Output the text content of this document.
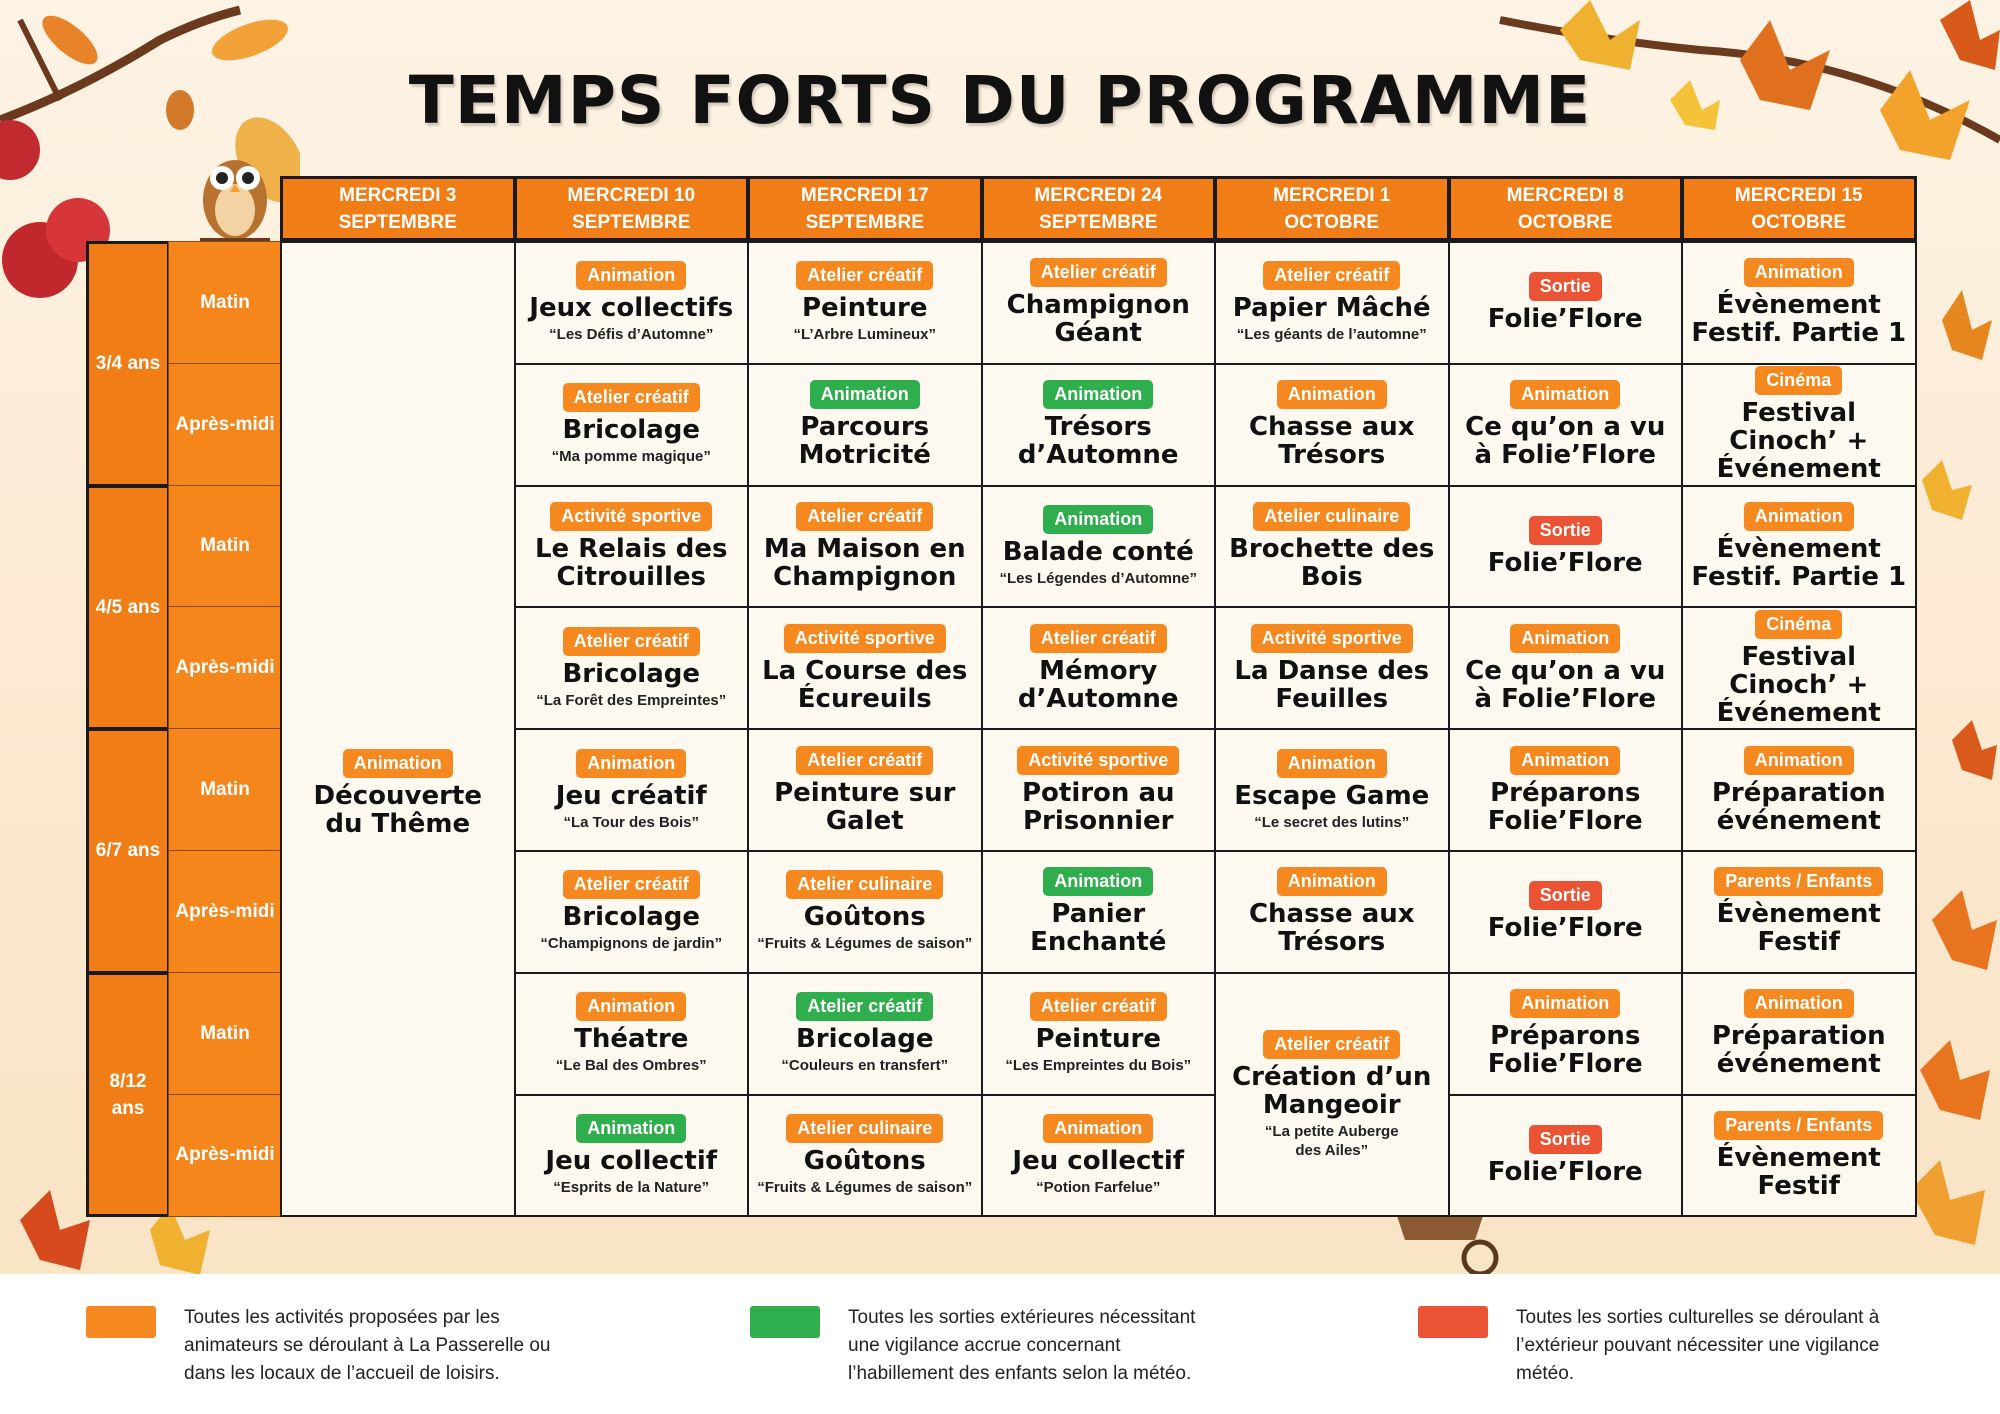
TEMPS FORTS DU PROGRAMME
MERCREDI 3
SEPTEMBRE
MERCREDI 10
SEPTEMBRE
MERCREDI 17
SEPTEMBRE
MERCREDI 24
SEPTEMBRE
MERCREDI 1
OCTOBRE
MERCREDI 8
OCTOBRE
MERCREDI 15
OCTOBRE
3/4 ans
Matin
Après-midi
4/5 ans
Matin
Après-midi
6/7 ans
Matin
Après-midi
8/12 ans
Matin
Après-midi
Animation
Découverte du Thême
Animation
Jeux collectifs
“Les Défis d’Automne”
Atelier créatif
Peinture
“L’Arbre Lumineux”
Atelier créatif
Champignon Géant
Atelier créatif
Papier Mâché
“Les géants de l’automne”
Sortie
Folie’Flore
Animation
Évènement Festif. Partie 1
Atelier créatif
Bricolage
“Ma pomme magique”
Animation
Parcours Motricité
Animation
Trésors d’Automne
Animation
Chasse aux Trésors
Animation
Ce qu’on a vu à Folie’Flore
Cinéma
Festival Cinoch’ + Événement
Activité sportive
Le Relais des Citrouilles
Atelier créatif
Ma Maison en Champignon
Animation
Balade conté
“Les Légendes d’Automne”
Atelier culinaire
Brochette des Bois
Sortie
Folie’Flore
Animation
Évènement Festif. Partie 1
Atelier créatif
Bricolage
“La Forêt des Empreintes”
Activité sportive
La Course des Écureuils
Atelier créatif
Mémory d’Automne
Activité sportive
La Danse des Feuilles
Animation
Ce qu’on a vu à Folie’Flore
Cinéma
Festival Cinoch’ + Événement
Animation
Jeu créatif
“La Tour des Bois”
Atelier créatif
Peinture sur Galet
Activité sportive
Potiron au Prisonnier
Animation
Escape Game
“Le secret des lutins”
Animation
Préparons Folie’Flore
Animation
Préparation événement
Atelier créatif
Bricolage
“Champignons de jardin”
Atelier culinaire
Goûtons
“Fruits & Légumes de saison”
Animation
Panier Enchanté
Animation
Chasse aux Trésors
Sortie
Folie’Flore
Parents / Enfants
Évènement Festif
Animation
Théatre
“Le Bal des Ombres”
Atelier créatif
Bricolage
“Couleurs en transfert”
Atelier créatif
Peinture
“Les Empreintes du Bois”
Atelier créatif
Création d’un Mangeoir
“La petite Auberge des Ailes”
Animation
Préparons Folie’Flore
Animation
Préparation événement
Animation
Jeu collectif
“Esprits de la Nature”
Atelier culinaire
Goûtons
“Fruits & Légumes de saison”
Animation
Jeu collectif
“Potion Farfelue”
Sortie
Folie’Flore
Parents / Enfants
Évènement Festif
Toutes les activités proposées par les animateurs se déroulant à La Passerelle ou dans les locaux de l’accueil de loisirs.
Toutes les sorties extérieures nécessitant une vigilance accrue concernant l’habillement des enfants selon la météo.
Toutes les sorties culturelles se déroulant à l’extérieur pouvant nécessiter une vigilance météo.
